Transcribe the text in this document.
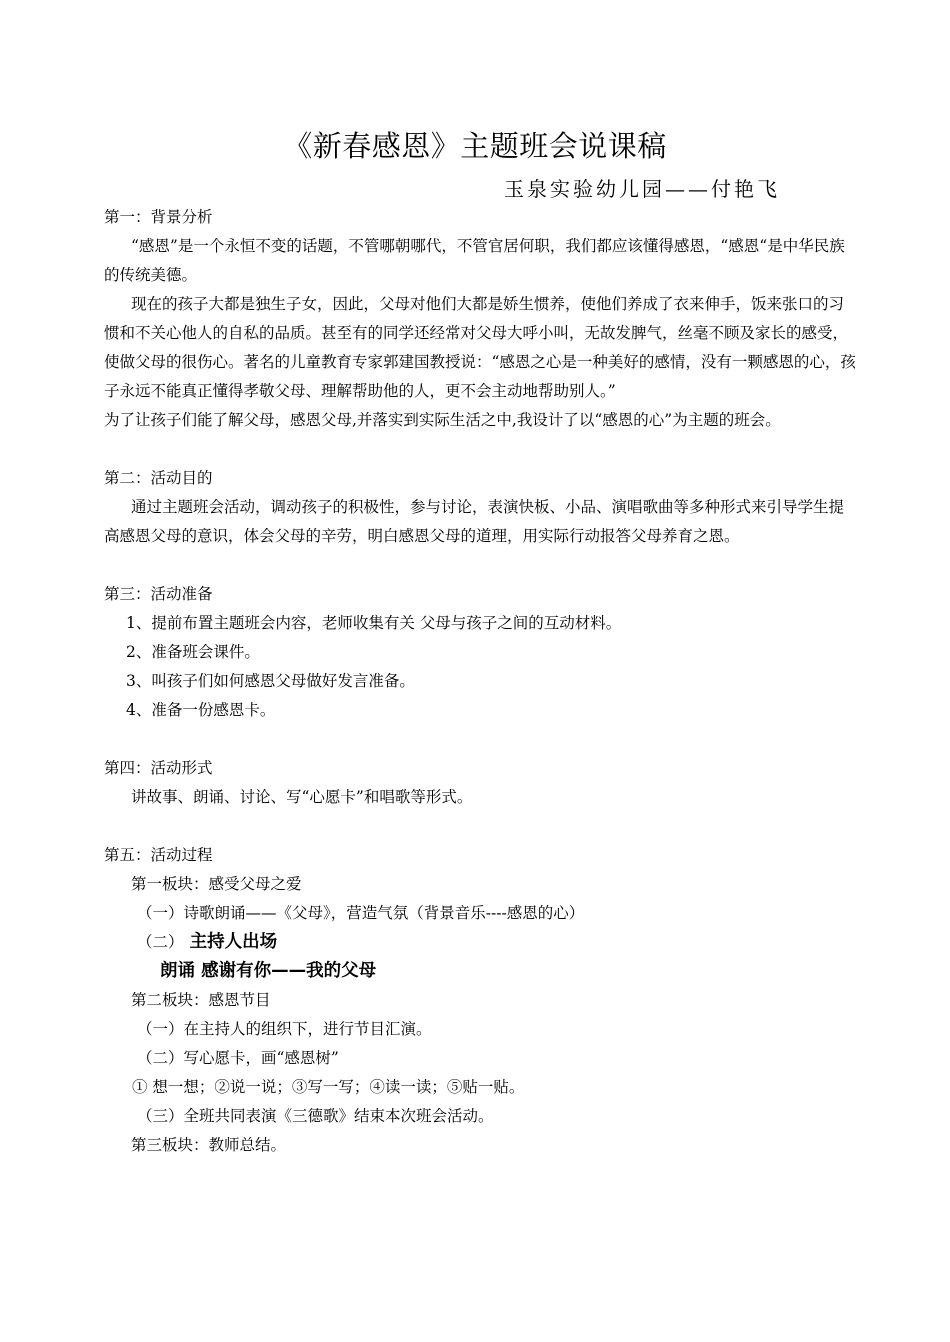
《新春感恩》主题班会说课稿
玉泉实验幼儿园——付艳飞

第一：背景分析

“感恩”是一个永恒不变的话题，不管哪朝哪代，不管官居何职，我们都应该懂得感恩，“感恩“是中华民族的传统美德。

现在的孩子大都是独生子女，因此，父母对他们大都是娇生惯养，使他们养成了衣来伸手，饭来张口的习惯和不关心他人的自私的品质。甚至有的同学还经常对父母大呼小叫，无故发脾气，丝毫不顾及家长的感受，使做父母的很伤心。著名的儿童教育专家郭建国教授说：“感恩之心是一种美好的感情，没有一颗感恩的心，孩子永远不能真正懂得孝敬父母、理解帮助他的人，更不会主动地帮助别人。”

为了让孩子们能了解父母，感恩父母,并落实到实际生活之中,我设计了以“感恩的心”为主题的班会。

第二：活动目的

通过主题班会活动，调动孩子的积极性，参与讨论，表演快板、小品、演唱歌曲等多种形式来引导学生提高感恩父母的意识，体会父母的辛劳，明白感恩父母的道理，用实际行动报答父母养育之恩。

第三：活动准备

1、提前布置主题班会内容，老师收集有关 父母与孩子之间的互动材料。

2、准备班会课件。

3、叫孩子们如何感恩父母做好发言准备。

4、准备一份感恩卡。

第四：活动形式

讲故事、朗诵、讨论、写“心愿卡”和唱歌等形式。

第五：活动过程

第一板块：感受父母之爱

（一）诗歌朗诵——《父母》，营造气氛（背景音乐----感恩的心）

（二） 主持人出场

朗诵 感谢有你——我的父母

第二板块：感恩节目

（一）在主持人的组织下，进行节目汇演。

（二）写心愿卡，画“感恩树”

① 想一想；②说一说；③写一写；④读一读；⑤贴一贴。

（三）全班共同表演《三德歌》结束本次班会活动。

第三板块：教师总结。
